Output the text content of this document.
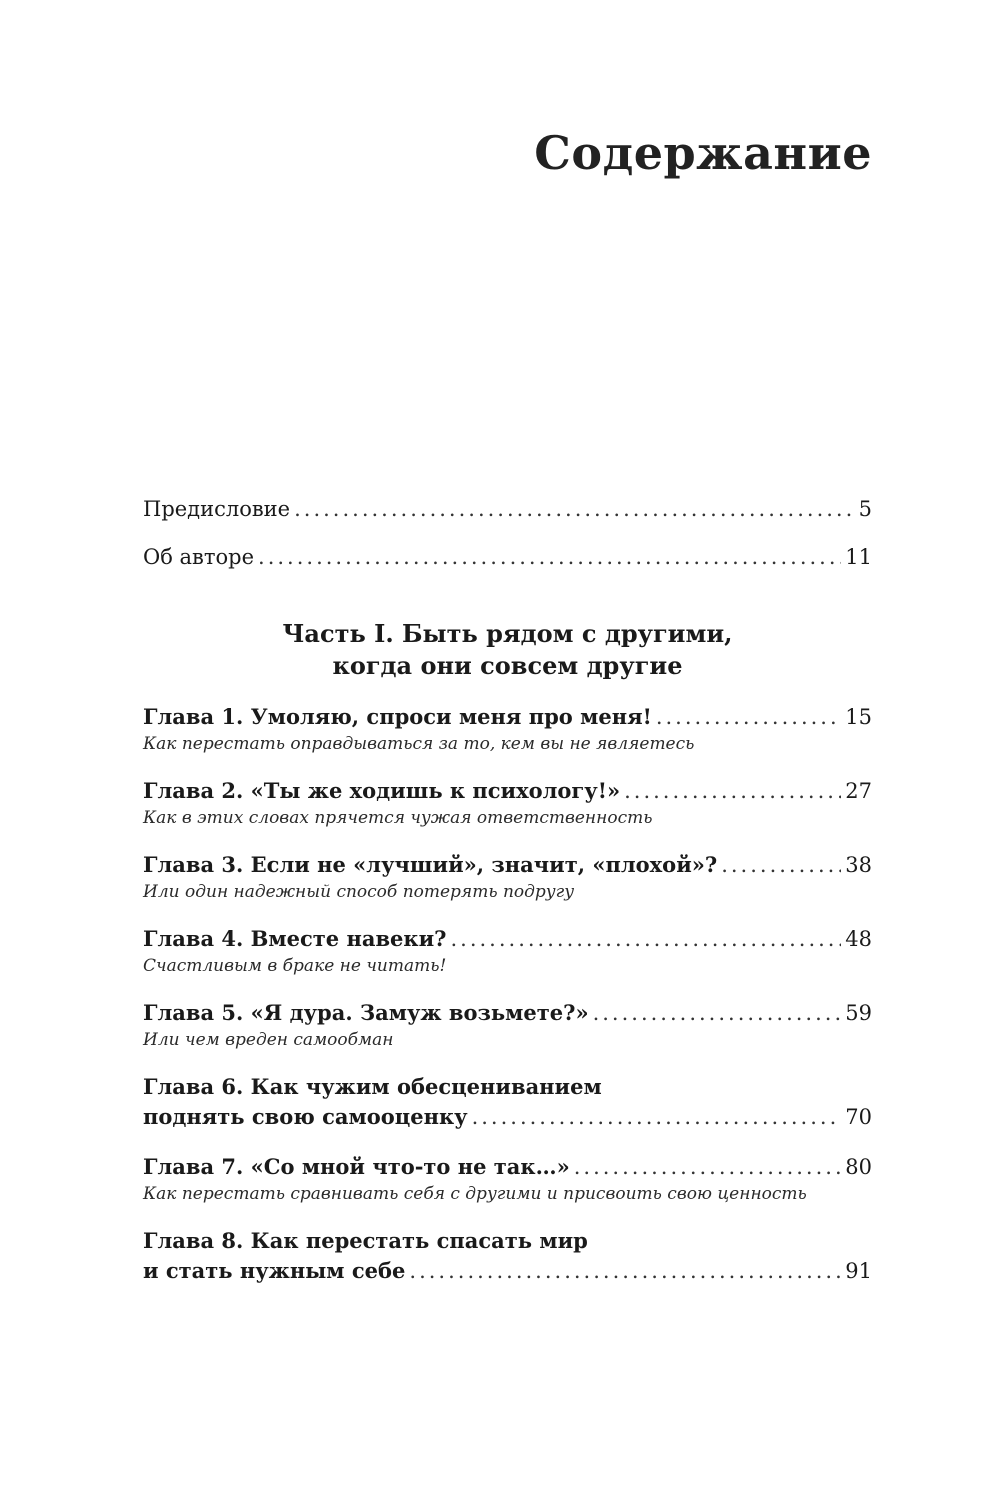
Содержание
Предисловие .....	5
Об авторе .....	11
Часть I. Быть рядом с другими,
когда они совсем другие
Глава 1. Умоляю, спроси меня про меня! .....	15
Как перестать оправдываться за то, кем вы не являетесь
Глава 2. «Ты же ходишь к психологу!» .....	27
Как в этих словах прячется чужая ответственность
Глава 3. Если не «лучший», значит, «плохой»? .....	38
Или один надежный способ потерять подругу
Глава 4. Вместе навеки? .....	48
Счастливым в браке не читать!
Глава 5. «Я дура. Замуж возьмете?» .....	59
Или чем вреден самообман
Глава 6. Как чужим обесцениванием
поднять свою самооценку .....	70
Глава 7. «Со мной что-то не так…» .....	80
Как перестать сравнивать себя с другими и присвоить свою ценность
Глава 8. Как перестать спасать мир
и стать нужным себе .....	91
